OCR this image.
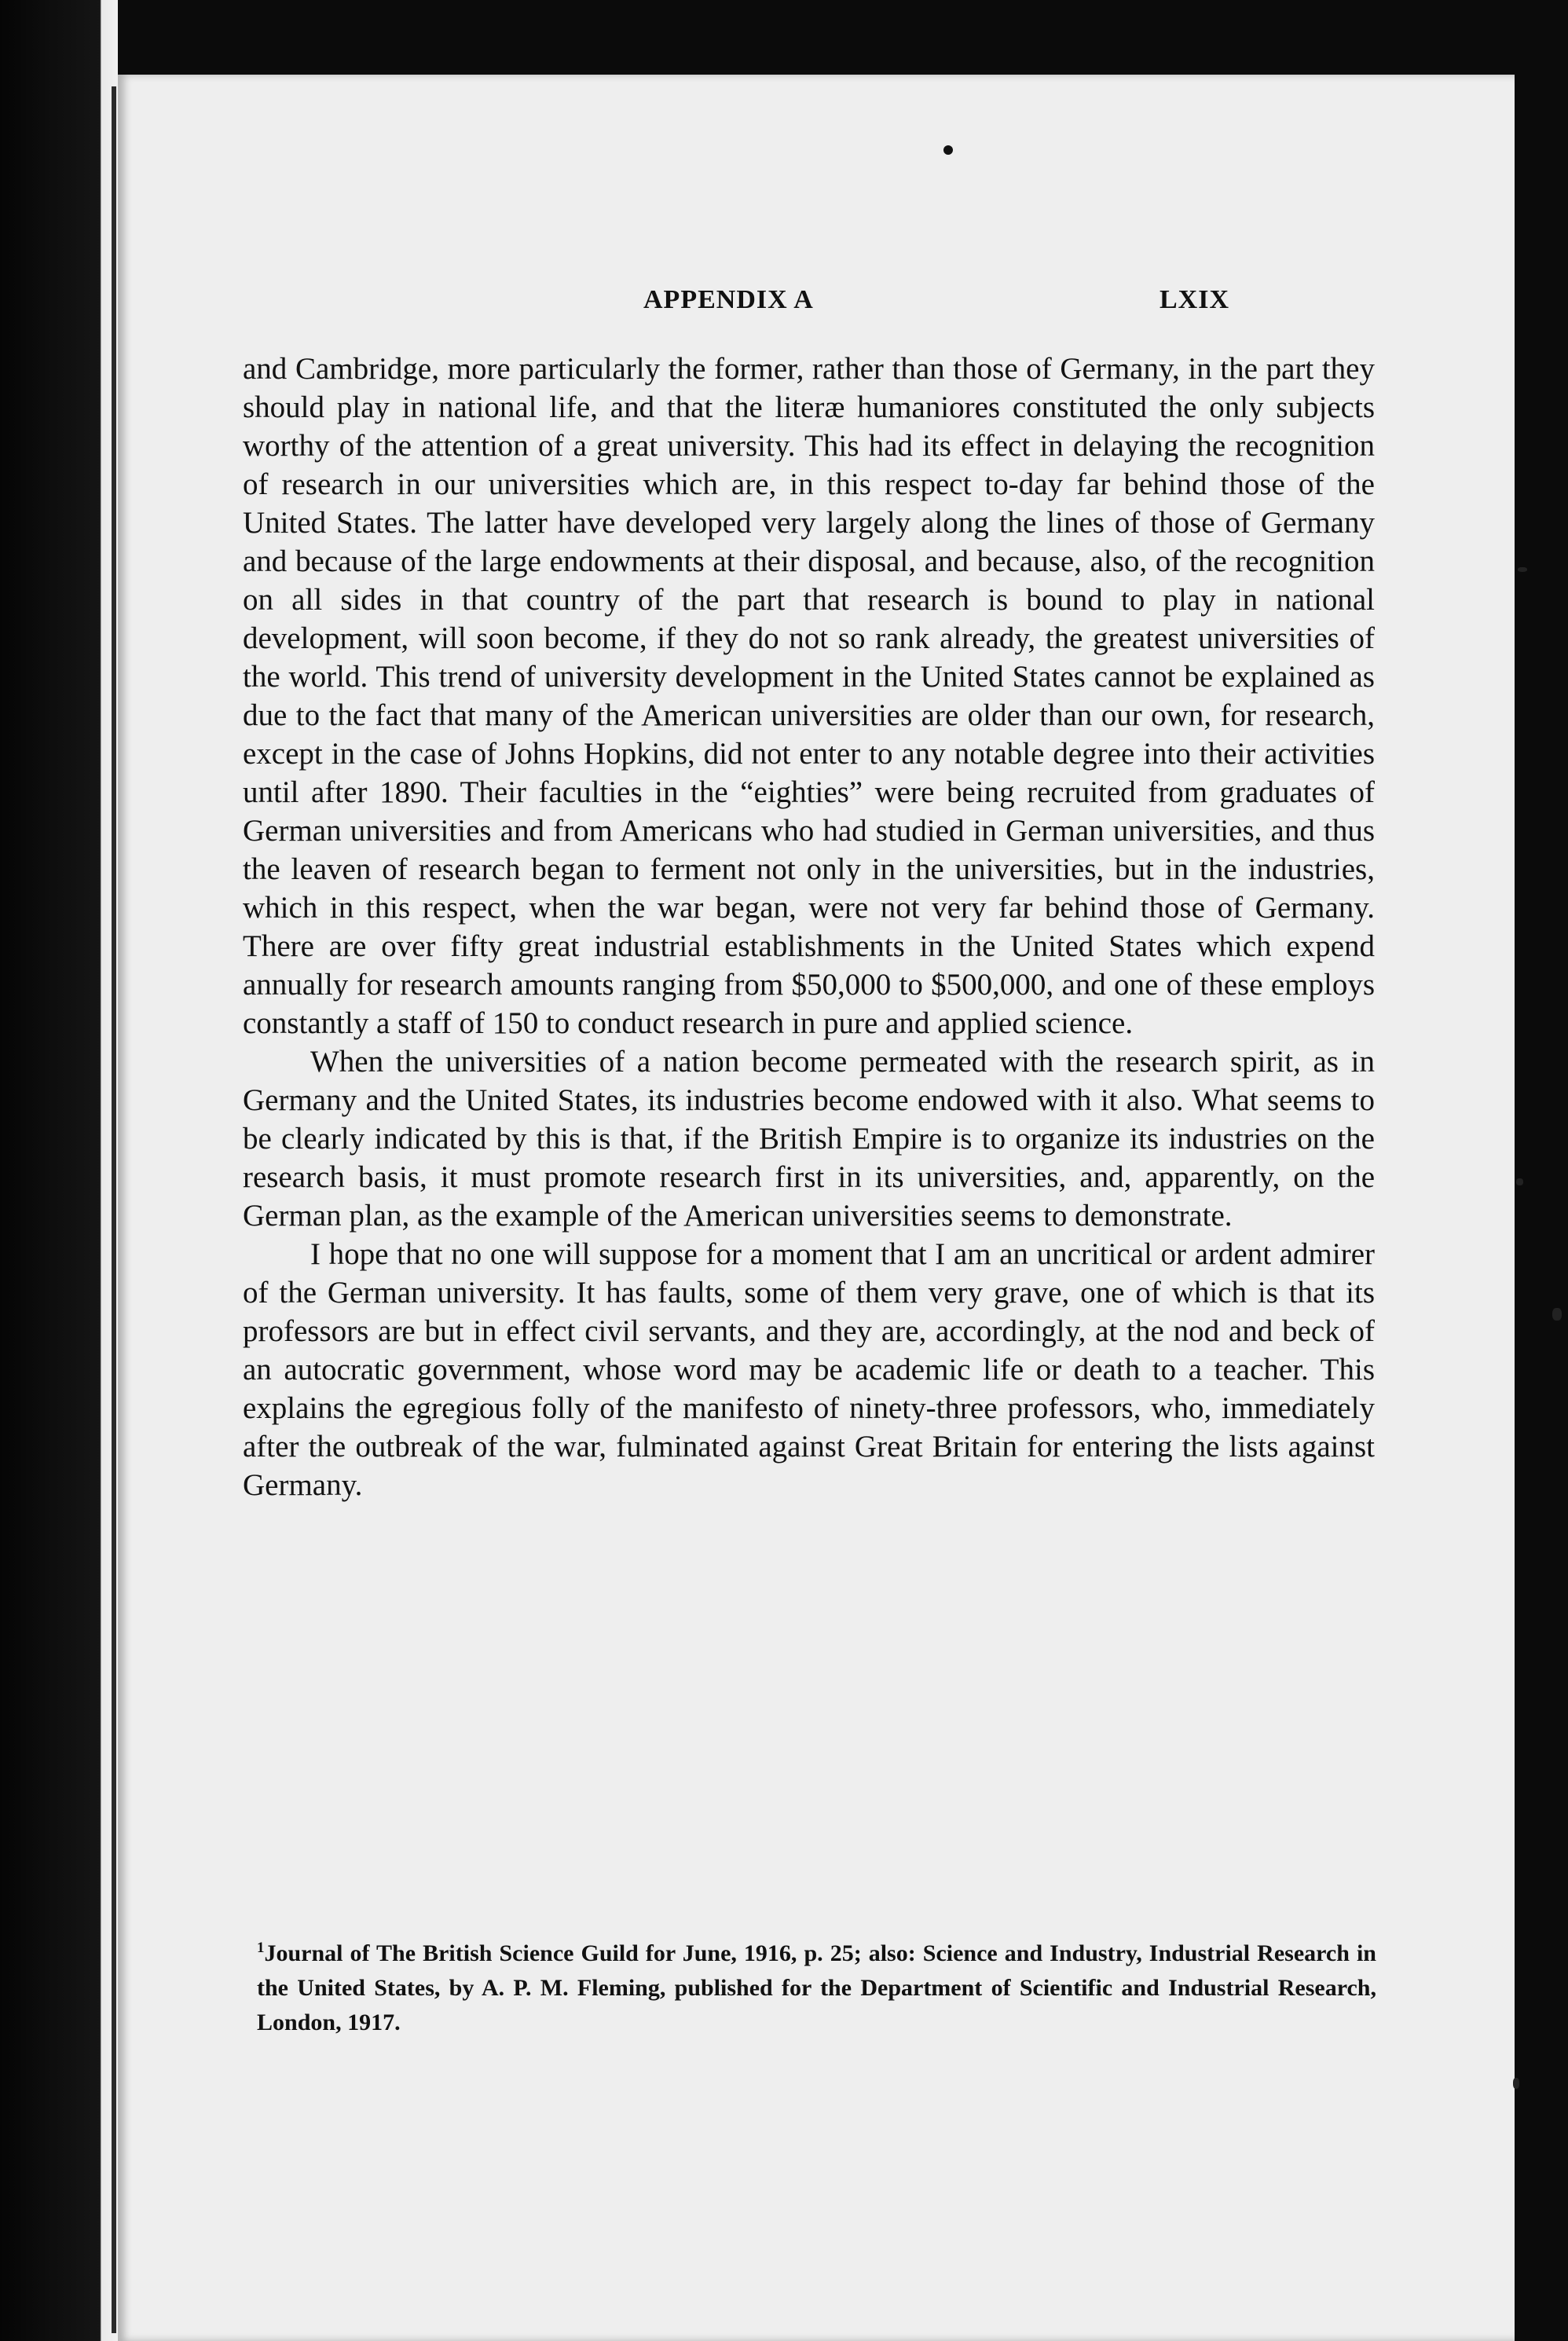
APPENDIX A	LXIX

and Cambridge, more particularly the former, rather than those of Germany, in the part they should play in national life, and that the literæ humaniores constituted the only subjects worthy of the attention of a great university. This had its effect in delaying the recognition of research in our universities which are, in this respect to-day far behind those of the United States. The latter have developed very largely along the lines of those of Germany and because of the large endowments at their disposal, and because, also, of the recognition on all sides in that country of the part that research is bound to play in national development, will soon become, if they do not so rank already, the greatest universities of the world. This trend of university development in the United States cannot be explained as due to the fact that many of the American universities are older than our own, for research, except in the case of Johns Hopkins, did not enter to any notable degree into their activities until after 1890. Their faculties in the “eighties” were being recruited from graduates of German universities and from Americans who had studied in German universities, and thus the leaven of research began to ferment not only in the universities, but in the industries, which in this respect, when the war began, were not very far behind those of Germany. There are over fifty great industrial establishments in the United States which expend annually for research amounts ranging from $50,000 to $500,000, and one of these employs constantly a staff of 150 to conduct research in pure and applied science.

When the universities of a nation become permeated with the research spirit, as in Germany and the United States, its industries become endowed with it also. What seems to be clearly indicated by this is that, if the British Empire is to organize its industries on the research basis, it must promote research first in its universities, and, apparently, on the German plan, as the example of the American universities seems to demonstrate.

I hope that no one will suppose for a moment that I am an uncritical or ardent admirer of the German university. It has faults, some of them very grave, one of which is that its professors are but in effect civil servants, and they are, accordingly, at the nod and beck of an autocratic government, whose word may be academic life or death to a teacher. This explains the egregious folly of the manifesto of ninety-three professors, who, immediately after the outbreak of the war, fulminated against Great Britain for entering the lists against Germany.

$^1$Journal of The British Science Guild for June, 1916, p. 25; also: Science and Industry, Industrial Research in the United States, by A. P. M. Fleming, published for the Department of Scientific and Industrial Research, London, 1917.
